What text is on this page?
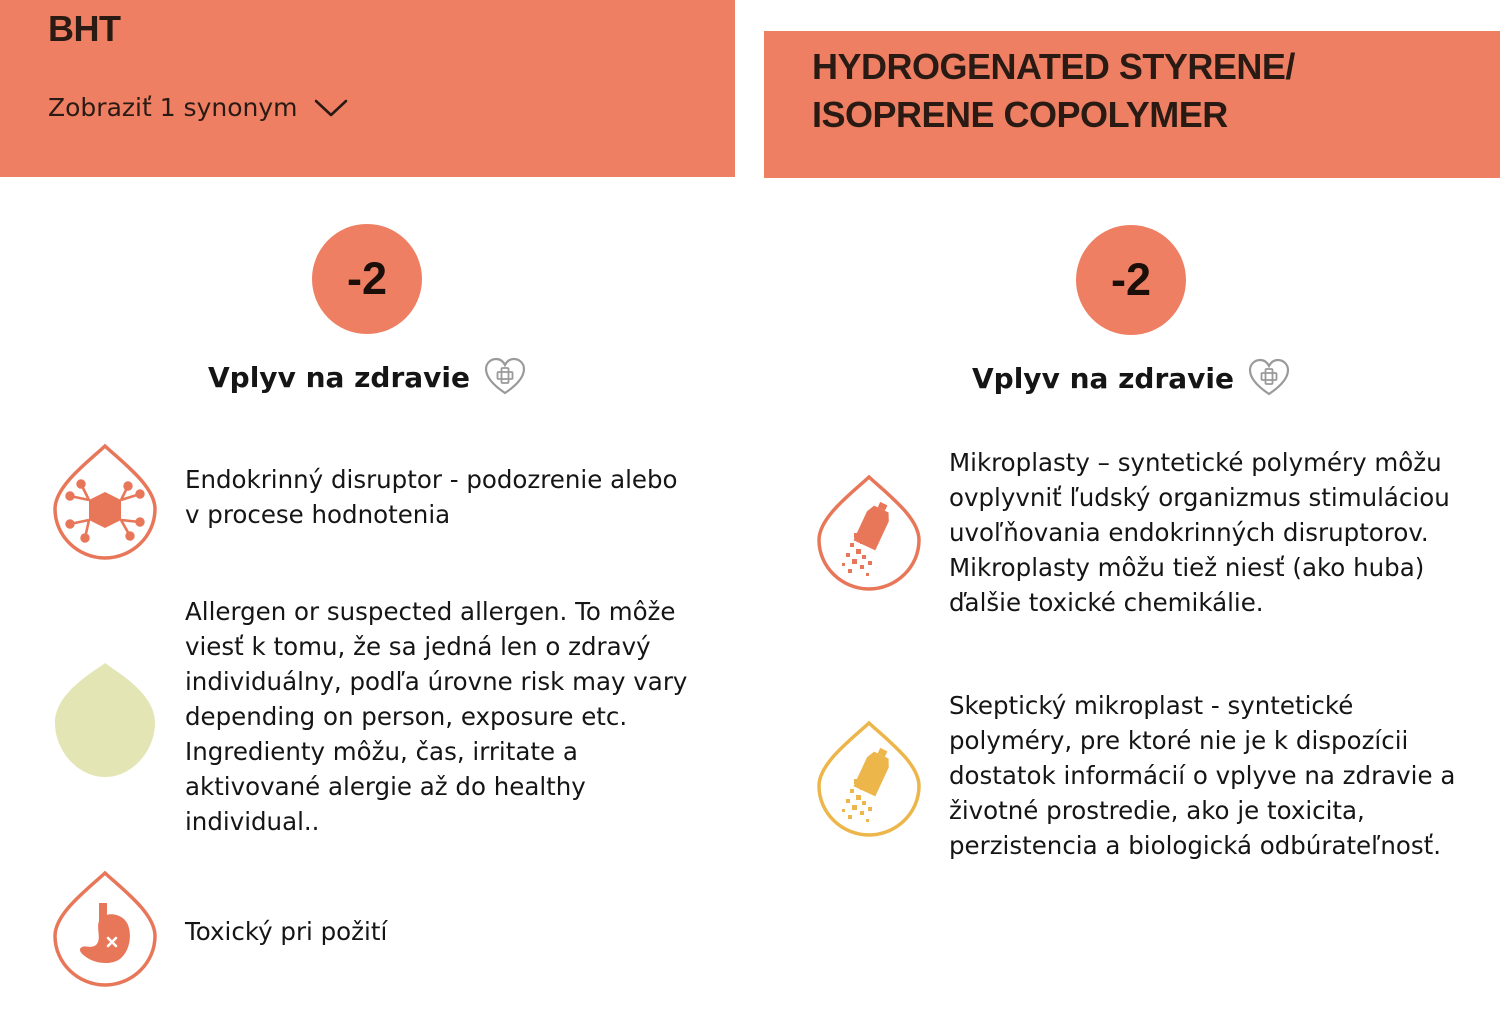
BHT
Zobraziť 1 synonym
-2
Vplyv na zdravie
Endokrinný disruptor - podozrenie alebo v procese hodnotenia
Allergen or suspected allergen. To môže viesť k tomu, že sa jedná len o zdravý individuálny, podľa úrovne risk may vary depending on person, exposure etc. Ingredienty môžu, čas, irritate a aktivované alergie až do healthy individual..
Toxický pri požití
HYDROGENATED STYRENE/
ISOPRENE COPOLYMER
-2
Vplyv na zdravie
Mikroplasty – syntetické polyméry môžu ovplyvniť ľudský organizmus stimuláciou uvoľňovania endokrinných disruptorov. Mikroplasty môžu tiež niesť (ako huba) ďalšie toxické chemikálie.
Skeptický mikroplast - syntetické polyméry, pre ktoré nie je k dispozícii dostatok informácií o vplyve na zdravie a životné prostredie, ako je toxicita, perzistencia a biologická odbúrateľnosť.
